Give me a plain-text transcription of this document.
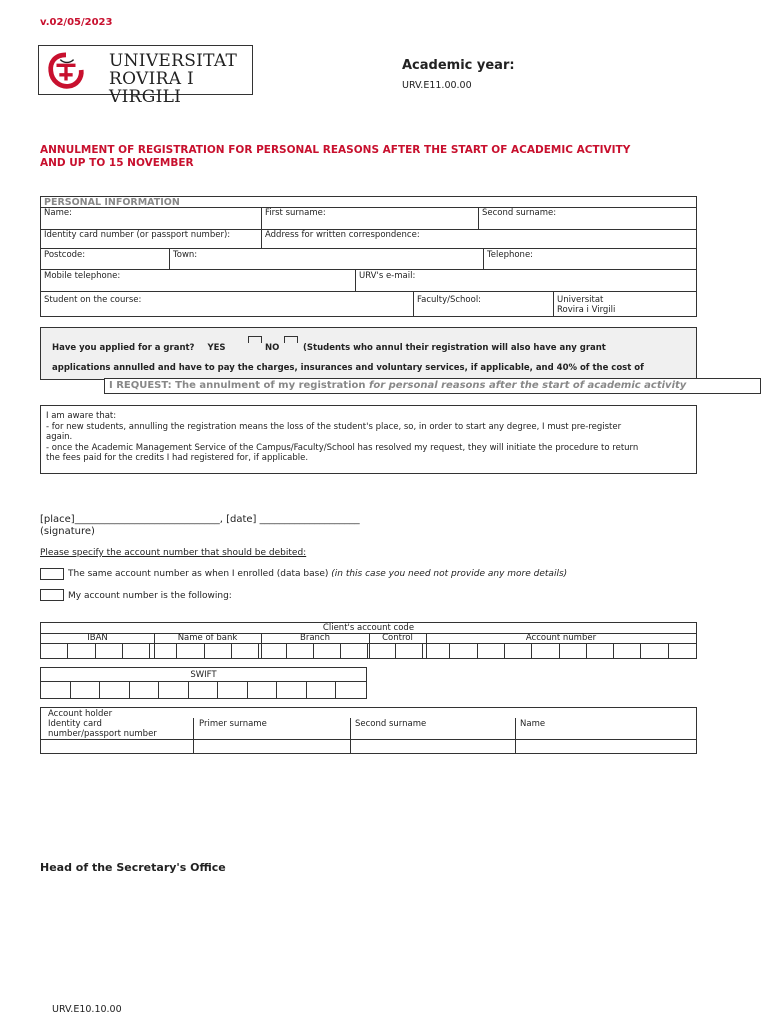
v.02/05/2023
UNIVERSITAT
ROVIRA I VIRGILI
Academic year:
URV.E11.00.00
ANNULMENT OF REGISTRATION FOR PERSONAL REASONS AFTER THE START OF ACADEMIC ACTIVITY
AND UP TO 15 NOVEMBER
PERSONAL INFORMATION
Name:	First surname:	Second surname:
Identity card number (or passport number):	Address for written correspondence:
Postcode:	Town:	Telephone:
Mobile telephone:	URV's e-mail:
Student on the course:	Faculty/School:	Universitat
Rovira i Virgili
Have you applied for a grant? YES	NO	(Students who annul their registration will also have any grant
applications annulled and have to pay the charges, insurances and voluntary services, if applicable, and 40% of the cost of
I REQUEST: The annulment of my registration for personal reasons after the start of academic activity
I am aware that:
- for new students, annulling the registration means the loss of the student's place, so, in order to start any degree, I must pre-register
again.
- once the Academic Management Service of the Campus/Faculty/School has resolved my request, they will initiate the procedure to return
the fees paid for the credits I had registered for, if applicable.
[place]_____________________________, [date] ____________________
(signature)
Please specify the account number that should be debited:
The same account number as when I enrolled (data base) (in this case you need not provide any more details)
My account number is the following:
Client's account code
IBAN	Name of bank	Branch	Control	Account number
SWIFT
Account holder
Identity card
number/passport number
Primer surname	Second surname	Name
Head of the Secretary's Office
URV.E10.10.00
